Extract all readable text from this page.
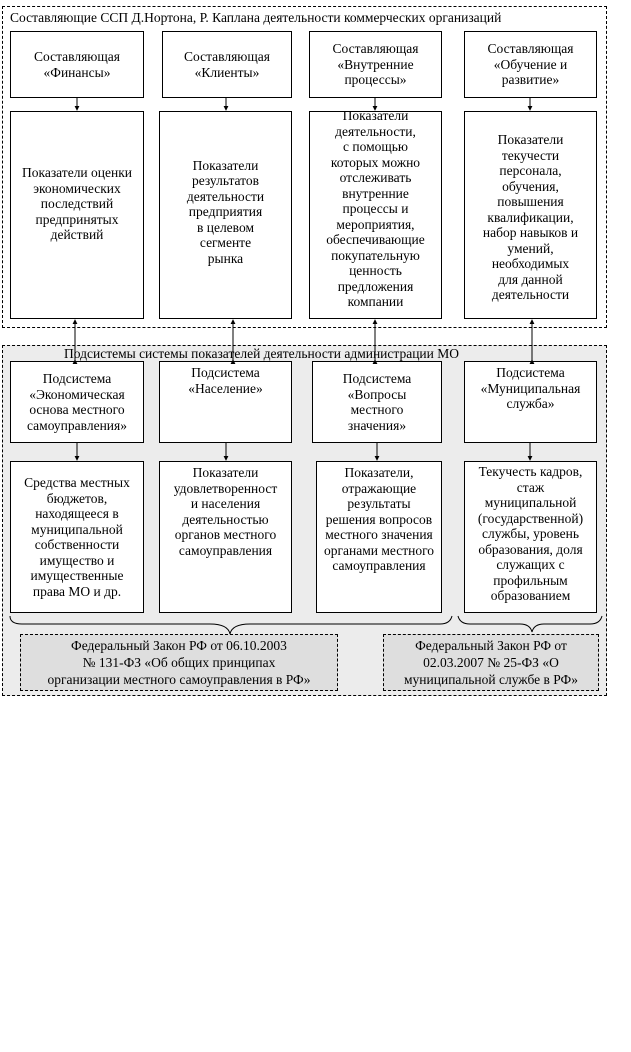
Составляющие ССП Д.Нортона, Р. Каплана деятельности коммерческих организаций
Составляющая
«Финансы»
Составляющая
«Клиенты»
Составляющая
«Внутренние
процессы»
Составляющая
«Обучение и
развитие»
Показатели оценки
экономических
последствий
предпринятых
действий
Показатели
результатов
деятельности
предприятия
в целевом
сегменте
рынка
Показатели
деятельности,
с помощью
которых можно
отслеживать
внутренние
процессы и
мероприятия,
обеспечивающие
покупательную
ценность
предложения
компании
Показатели
текучести
персонала,
обучения,
повышения
квалификации,
набор навыков и
умений,
необходимых
для данной
деятельности
Подсистемы системы показателей деятельности администрации МО
Подсистема
«Экономическая
основа местного
самоуправления»
Подсистема
«Население»
Подсистема
«Вопросы
местного
значения»
Подсистема
«Муниципальная
служба»
Средства местных
бюджетов,
находящееся в
муниципальной
собственности
имущество и
имущественные
права МО и др.
Показатели
удовлетворенност
и населения
деятельностью
органов местного
самоуправления
Показатели,
отражающие
результаты
решения вопросов
местного значения
органами местного
самоуправления
Текучесть кадров,
стаж
муниципальной
(государственной)
службы, уровень
образования, доля
служащих с
профильным
образованием
Федеральный Закон РФ от 06.10.2003
№ 131-ФЗ «Об общих принципах
организации местного самоуправления в РФ»
Федеральный Закон РФ от
02.03.2007 № 25-ФЗ «О
муниципальной службе в РФ»
